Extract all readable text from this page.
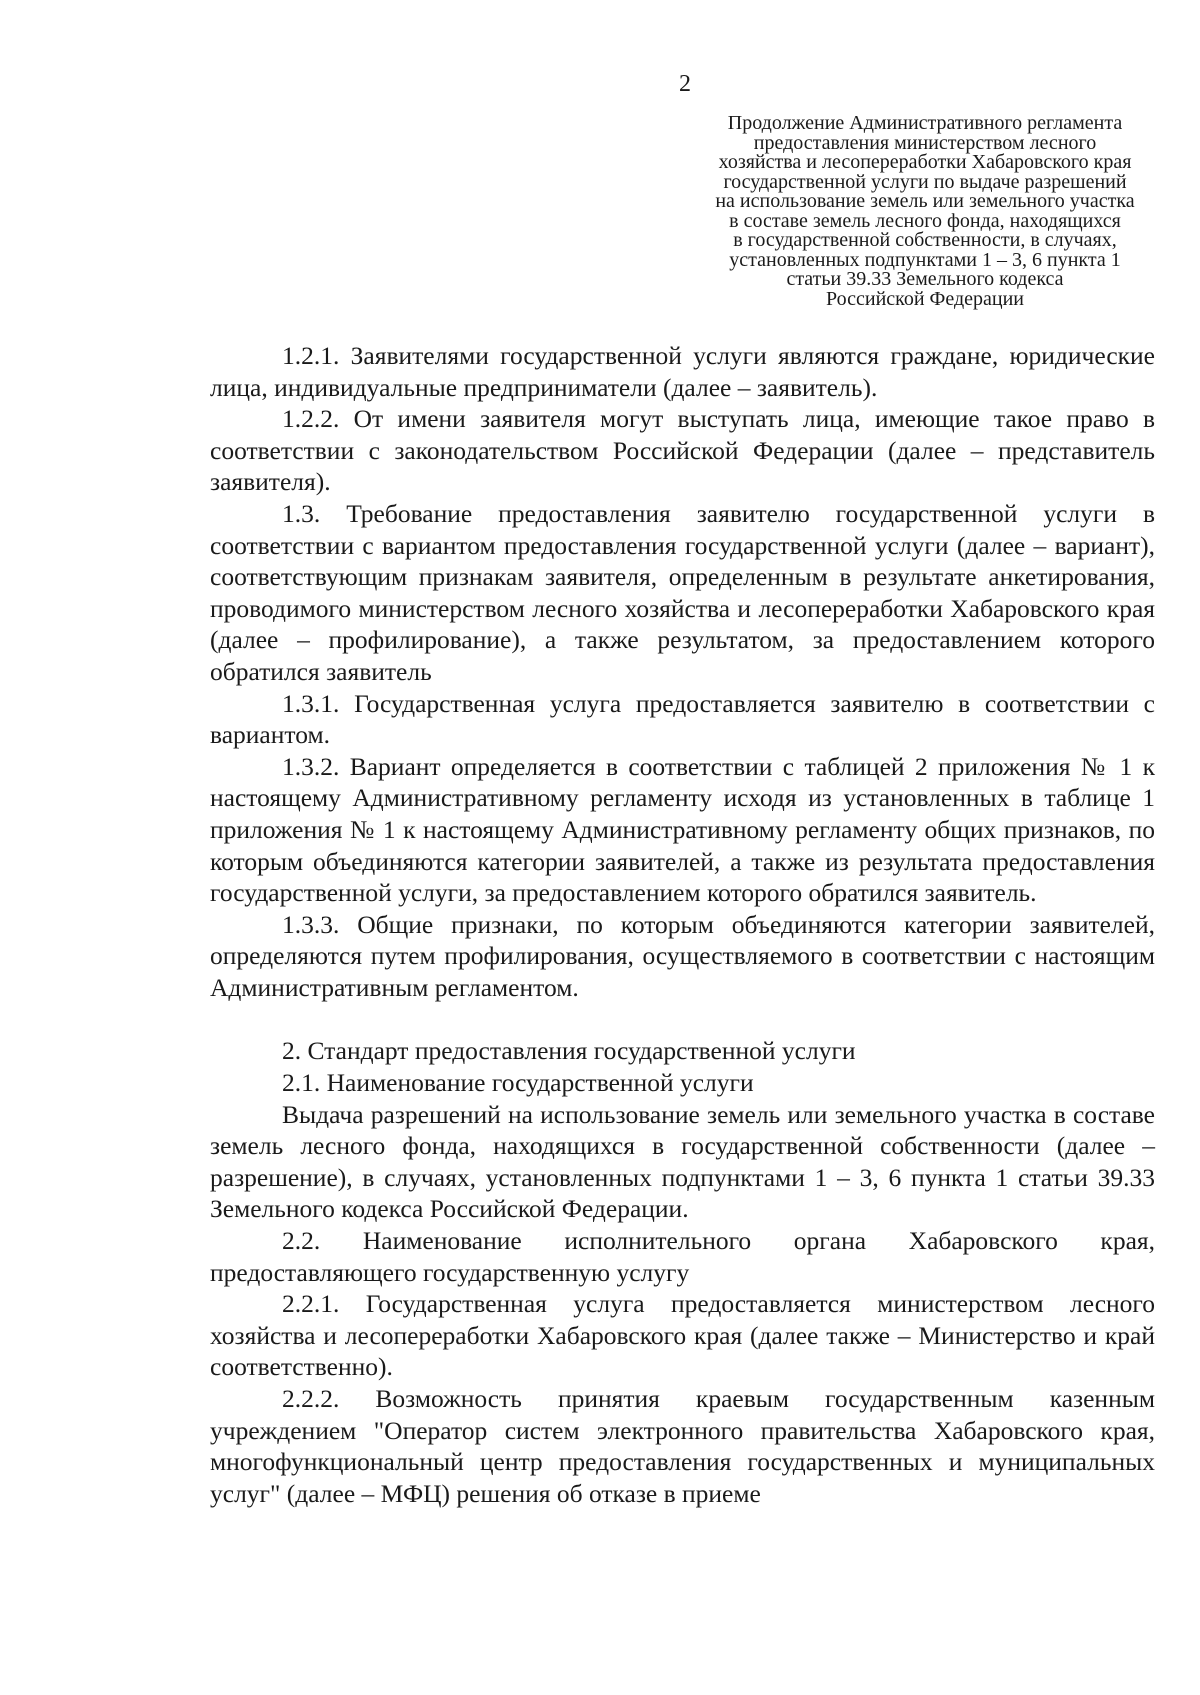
2
Продолжение Административного регламента
предоставления министерством лесного
хозяйства и лесопереработки Хабаровского края
государственной услуги по выдаче разрешений
на использование земель или земельного участка
в составе земель лесного фонда, находящихся
в государственной собственности, в случаях,
установленных подпунктами 1 – 3, 6 пункта 1
статьи 39.33 Земельного кодекса
Российской Федерации

1.2.1. Заявителями государственной услуги являются граждане, юридические лица, индивидуальные предприниматели (далее – заявитель).

1.2.2. От имени заявителя могут выступать лица, имеющие такое право в соответствии с законодательством Российской Федерации (далее – представитель заявителя).

1.3. Требование предоставления заявителю государственной услуги в соответствии с вариантом предоставления государственной услуги (далее – вариант), соответствующим признакам заявителя, определенным в результате анкетирования, проводимого министерством лесного хозяйства и лесопереработки Хабаровского края (далее – профилирование), а также результатом, за предоставлением которого обратился заявитель

1.3.1. Государственная услуга предоставляется заявителю в соответствии с вариантом.

1.3.2. Вариант определяется в соответствии с таблицей 2 приложения № 1 к настоящему Административному регламенту исходя из установленных в таблице 1 приложения № 1 к настоящему Административному регламенту общих признаков, по которым объединяются категории заявителей, а также из результата предоставления государственной услуги, за предоставлением которого обратился заявитель.

1.3.3. Общие признаки, по которым объединяются категории заявителей, определяются путем профилирования, осуществляемого в соответствии с настоящим Административным регламентом.

2. Стандарт предоставления государственной услуги

2.1. Наименование государственной услуги

Выдача разрешений на использование земель или земельного участка в составе земель лесного фонда, находящихся в государственной собственности (далее – разрешение), в случаях, установленных подпунктами 1 – 3, 6 пункта 1 статьи 39.33 Земельного кодекса Российской Федерации.

2.2. Наименование исполнительного органа Хабаровского края, предоставляющего государственную услугу

2.2.1. Государственная услуга предоставляется министерством лесного хозяйства и лесопереработки Хабаровского края (далее также – Министерство и край соответственно).

2.2.2. Возможность принятия краевым государственным казенным учреждением "Оператор систем электронного правительства Хабаровского края, многофункциональный центр предоставления государственных и муниципальных услуг" (далее – МФЦ) решения об отказе в приеме
